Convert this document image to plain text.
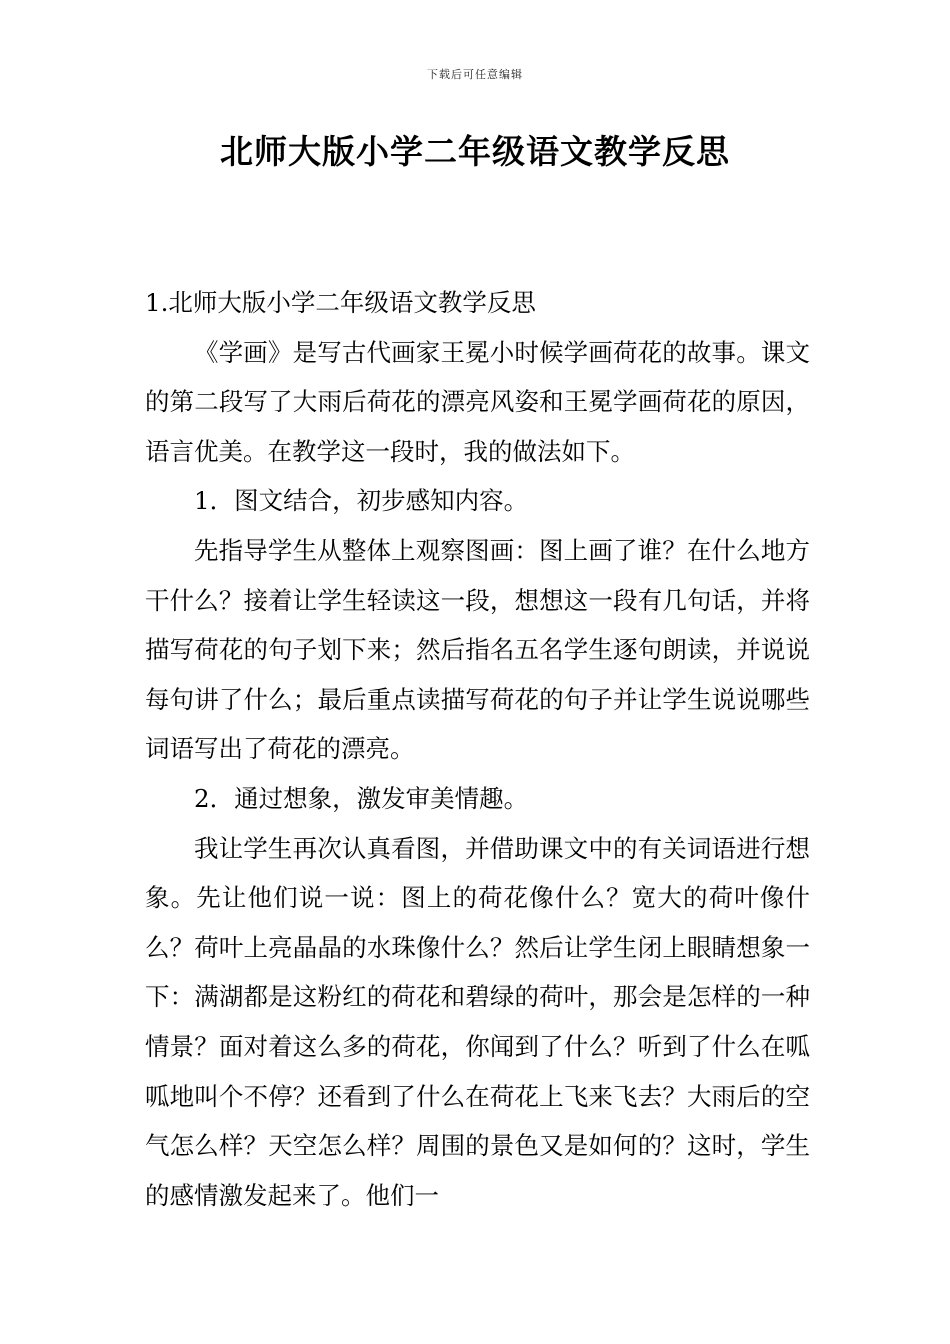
下载后可任意编辑
北师大版小学二年级语文教学反思

1.北师大版小学二年级语文教学反思

《学画》是写古代画家王冕小时候学画荷花的故事。课文的第二段写了大雨后荷花的漂亮风姿和王冕学画荷花的原因，语言优美。在教学这一段时，我的做法如下。

1．图文结合，初步感知内容。

先指导学生从整体上观察图画：图上画了谁？在什么地方干什么？接着让学生轻读这一段，想想这一段有几句话，并将描写荷花的句子划下来；然后指名五名学生逐句朗读，并说说每句讲了什么；最后重点读描写荷花的句子并让学生说说哪些词语写出了荷花的漂亮。

2．通过想象，激发审美情趣。

我让学生再次认真看图，并借助课文中的有关词语进行想象。先让他们说一说：图上的荷花像什么？宽大的荷叶像什么？荷叶上亮晶晶的水珠像什么？然后让学生闭上眼睛想象一下：满湖都是这粉红的荷花和碧绿的荷叶，那会是怎样的一种情景？面对着这么多的荷花，你闻到了什么？听到了什么在呱呱地叫个不停？还看到了什么在荷花上飞来飞去？大雨后的空气怎么样？天空怎么样？周围的景色又是如何的？这时，学生的感情激发起来了。他们一
